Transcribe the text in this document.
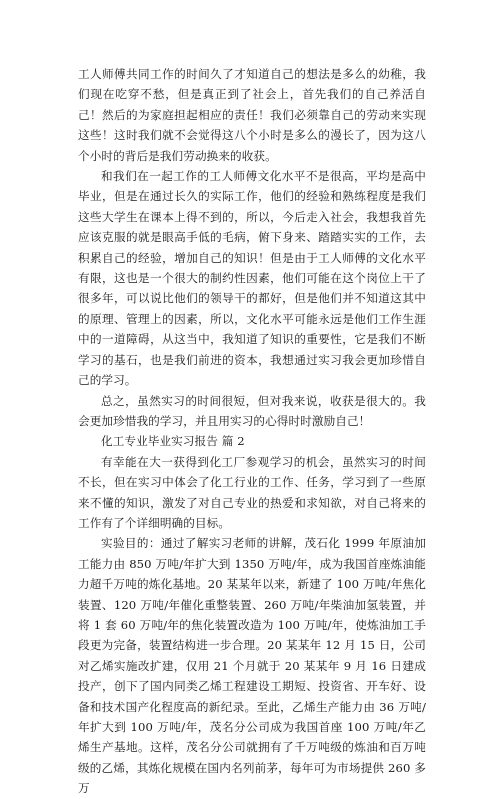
工人师傅共同工作的时间久了才知道自己的想法是多么的幼稚，我们现在吃穿不愁，但是真正到了社会上，首先我们的自己养活自己！然后的为家庭担起相应的责任！我们必须靠自己的劳动来实现这些！这时我们就不会觉得这八个小时是多么的漫长了，因为这八个小时的背后是我们劳动换来的收获。

和我们在一起工作的工人师傅文化水平不是很高，平均是高中毕业，但是在通过长久的实际工作，他们的经验和熟练程度是我们这些大学生在课本上得不到的，所以，今后走入社会，我想我首先应该克服的就是眼高手低的毛病，俯下身来、踏踏实实的工作，去积累自己的经验，增加自己的知识！但是由于工人师傅的文化水平有限，这也是一个很大的制约性因素，他们可能在这个岗位上干了很多年，可以说比他们的领导干的都好，但是他们并不知道这其中的原理、管理上的因素，所以，文化水平可能永远是他们工作生涯中的一道障碍，从这当中，我知道了知识的重要性，它是我们不断学习的基石，也是我们前进的资本，我想通过实习我会更加珍惜自己的学习。

总之，虽然实习的时间很短，但对我来说，收获是很大的。我会更加珍惜我的学习，并且用实习的心得时时激励自己！

化工专业毕业实习报告 篇 2

有幸能在大一获得到化工厂参观学习的机会，虽然实习的时间不长，但在实习中体会了化工行业的工作、任务，学习到了一些原来不懂的知识，激发了对自己专业的热爱和求知欲，对自己将来的工作有了个详细明确的目标。

实验目的：通过了解实习老师的讲解，茂石化 1999 年原油加工能力由 850 万吨/年扩大到 1350 万吨/年，成为我国首座炼油能力超千万吨的炼化基地。20 某某年以来，新建了 100 万吨/年焦化装置、120 万吨/年催化重整装置、260 万吨/年柴油加氢装置，并将 1 套 60 万吨/年的焦化装置改造为 100 万吨/年，使炼油加工手段更为完备，装置结构进一步合理。20 某某年 12 月 15 日，公司对乙烯实施改扩建，仅用 21 个月就于 20 某某年 9 月 16 日建成投产，创下了国内同类乙烯工程建设工期短、投资省、开车好、设备和技术国产化程度高的新纪录。至此，乙烯生产能力由 36 万吨/年扩大到 100 万吨/年，茂名分公司成为我国首座 100 万吨/年乙烯生产基地。这样，茂名分公司就拥有了千万吨级的炼油和百万吨级的乙烯，其炼化规模在国内名列前茅，每年可为市场提供 260 多万
